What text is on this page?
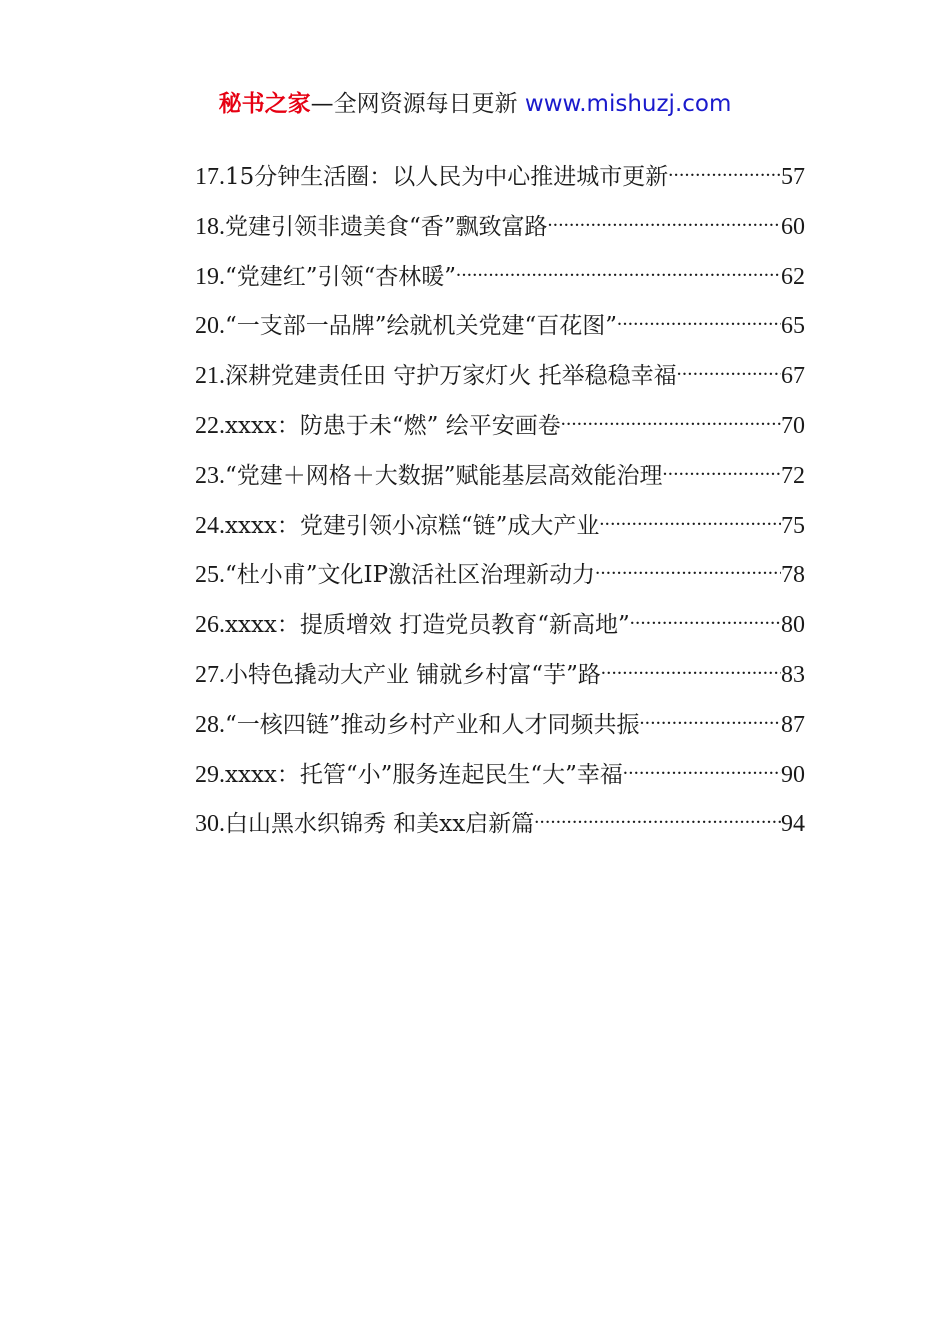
秘书之家—全网资源每日更新 www.mishuzj.com
17. 15分钟生活圈：以人民为中心推进城市更新 .....	57
18. 党建引领非遗美食“香”飘致富路 .....	60
19. “党建红”引领“杏林暖” .....	62
20. “一支部一品牌”绘就机关党建“百花图” .....	65
21. 深耕党建责任田 守护万家灯火 托举稳稳幸福 .....	67
22. xxxx：防患于未“燃” 绘平安画卷 .....	70
23. “党建＋网格＋大数据”赋能基层高效能治理 .....	72
24. xxxx：党建引领小凉糕“链”成大产业 .....	75
25. “杜小甫”文化IP激活社区治理新动力 .....	78
26. xxxx：提质增效 打造党员教育“新高地” .....	80
27. 小特色撬动大产业 铺就乡村富“芋”路 .....	83
28. “一核四链”推动乡村产业和人才同频共振 .....	87
29. xxxx：托管“小”服务连起民生“大”幸福 .....	90
30. 白山黑水织锦秀 和美xx启新篇 .....	94
